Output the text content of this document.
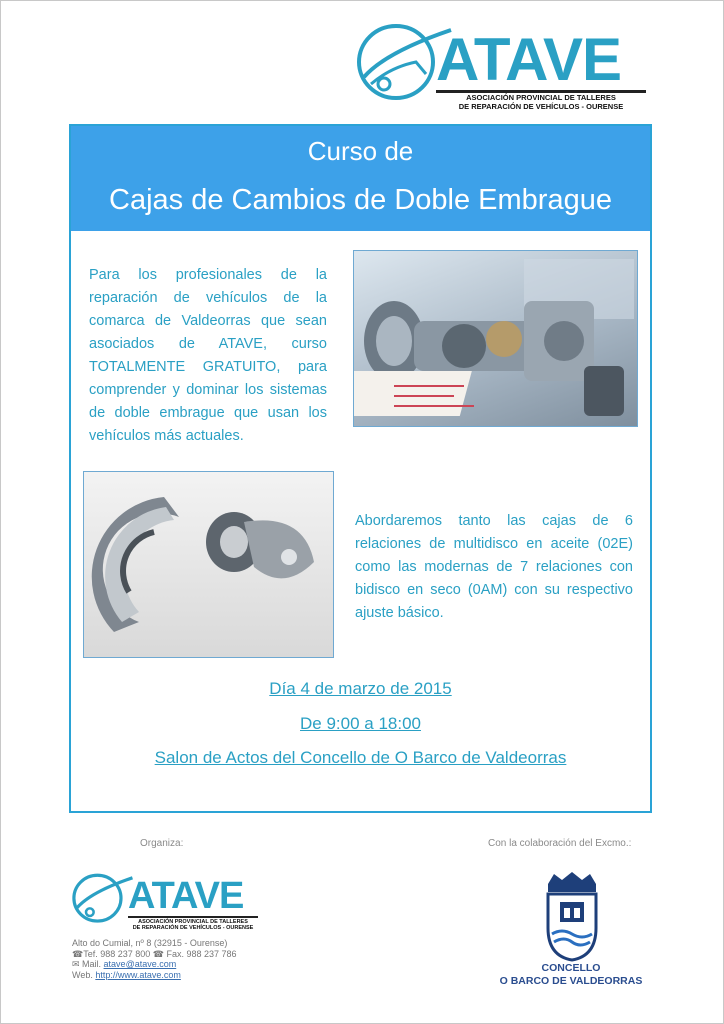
ATAVE
ASOCIACIÓN PROVINCIAL DE TALLERES
DE REPARACIÓN DE VEHÍCULOS - OURENSE
Curso de
Cajas de Cambios de Doble Embrague
Para los profesionales de la reparación de vehículos de la comarca de Valdeorras que sean asociados de ATAVE, curso TOTALMENTE GRATUITO, para comprender y dominar los sistemas de doble embrague que usan los vehículos más actuales.
Abordaremos tanto las cajas de 6 relaciones de multidisco en aceite (02E) como las modernas de 7 relaciones con bidisco en seco (0AM) con su respectivo ajuste básico.
Día 4 de marzo de 2015
De 9:00 a 18:00
Salon de Actos del Concello de O Barco de Valdeorras
Organiza:	Con la colaboración del Excmo.:
ATAVE
ASOCIACIÓN PROVINCIAL DE TALLERES
DE REPARACIÓN DE VEHÍCULOS - OURENSE
Alto do Cumial, nº 8 (32915 - Ourense)
☎Tef. 988 237 800 ☎ Fax. 988 237 786
✉ Mail. atave@atave.com
Web. http://www.atave.com
CONCELLO
O BARCO DE VALDEORRAS
